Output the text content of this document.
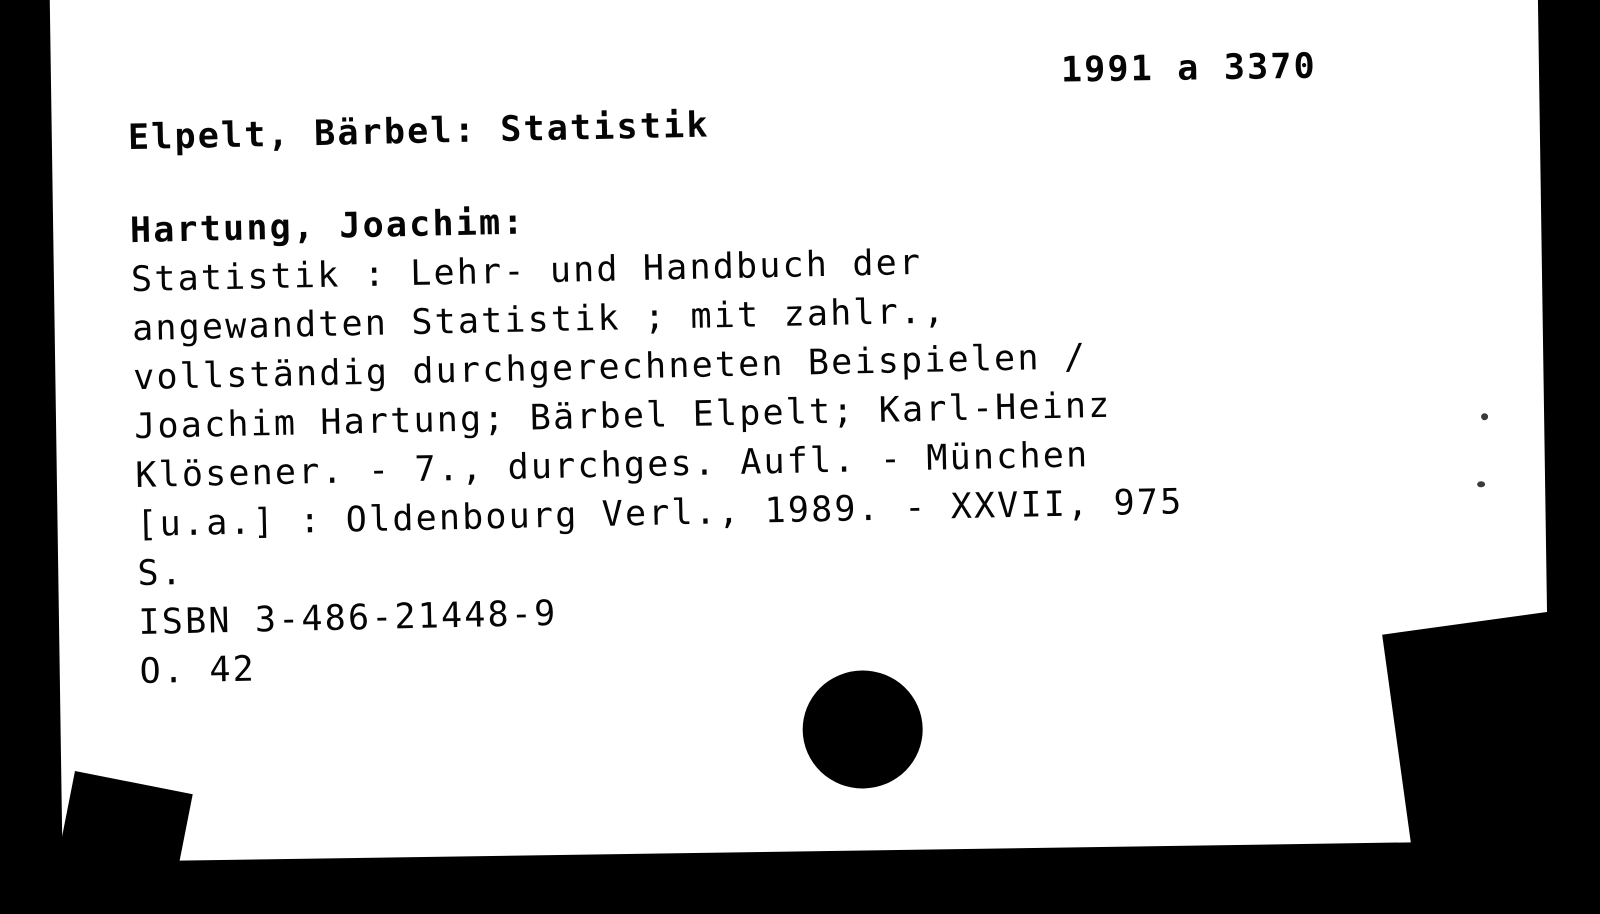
1991 a 3370
Elpelt, Bärbel: Statistik
Hartung, Joachim:
Statistik : Lehr- und Handbuch der
angewandten Statistik ; mit zahlr.,
vollständig durchgerechneten Beispielen /
Joachim Hartung; Bärbel Elpelt; Karl-Heinz
Klösener. - 7., durchges. Aufl. - München
[u.a.] : Oldenbourg Verl., 1989. - XXVII, 975
S.
ISBN 3-486-21448-9
O. 42
